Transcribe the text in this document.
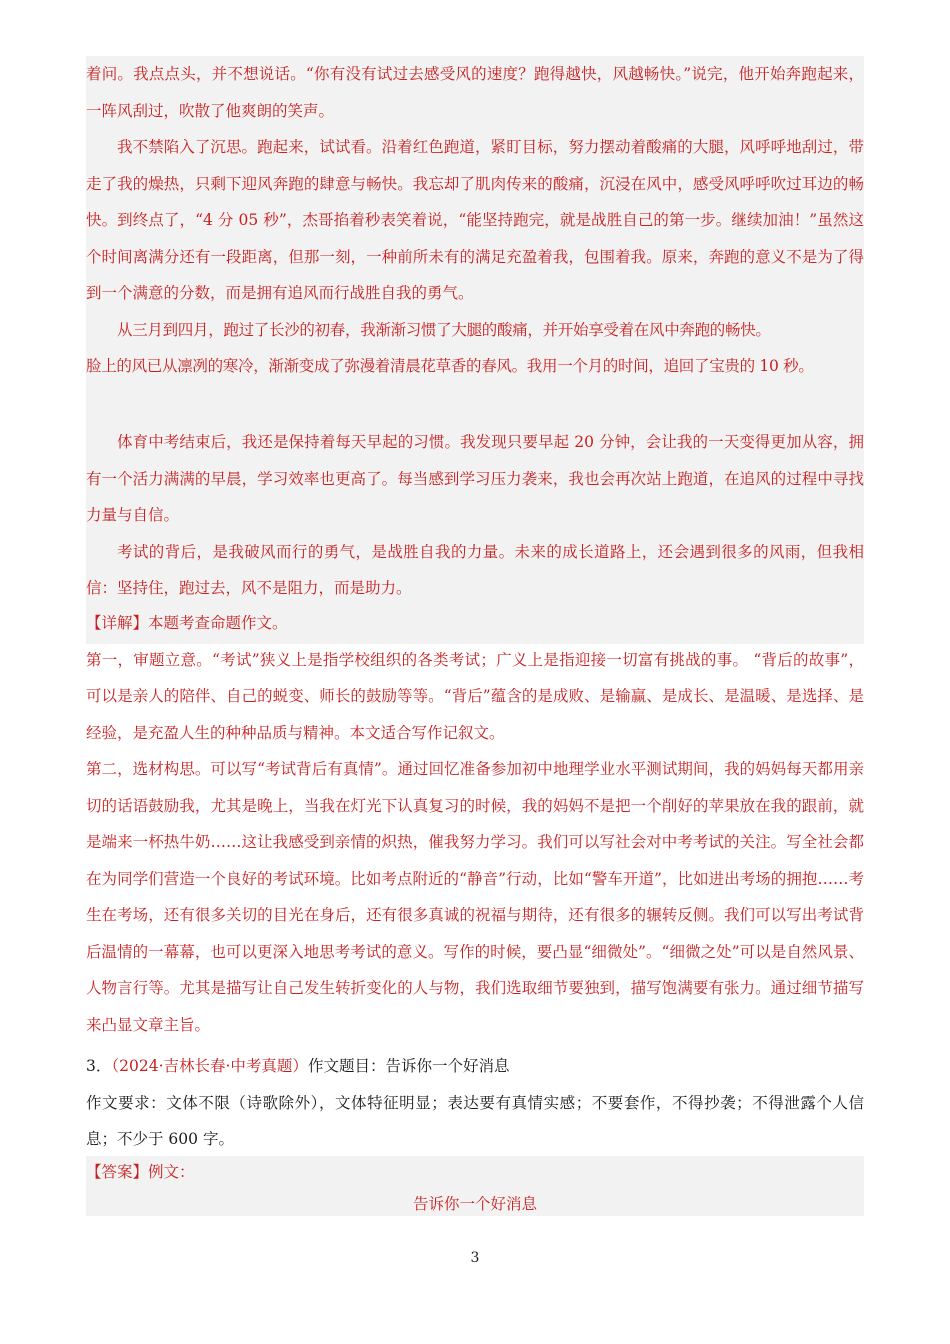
着问。我点点头，并不想说话。“你有没有试过去感受风的速度？跑得越快，风越畅快。”说完，他开始奔跑起来，一阵风刮过，吹散了他爽朗的笑声。

我不禁陷入了沉思。跑起来，试试看。沿着红色跑道，紧盯目标，努力摆动着酸痛的大腿，风呼呼地刮过，带走了我的燥热，只剩下迎风奔跑的肆意与畅快。我忘却了肌肉传来的酸痛，沉浸在风中，感受风呼呼吹过耳边的畅快。到终点了，“4 分 05 秒”，杰哥掐着秒表笑着说，“能坚持跑完，就是战胜自己的第一步。继续加油！”虽然这个时间离满分还有一段距离，但那一刻，一种前所未有的满足充盈着我，包围着我。原来，奔跑的意义不是为了得到一个满意的分数，而是拥有追风而行战胜自我的勇气。

从三月到四月，跑过了长沙的初春，我渐渐习惯了大腿的酸痛，并开始享受着在风中奔跑的畅快。

脸上的风已从凛冽的寒冷，渐渐变成了弥漫着清晨花草香的春风。我用一个月的时间，追回了宝贵的 10 秒。

体育中考结束后，我还是保持着每天早起的习惯。我发现只要早起 20 分钟，会让我的一天变得更加从容，拥有一个活力满满的早晨，学习效率也更高了。每当感到学习压力袭来，我也会再次站上跑道，在追风的过程中寻找力量与自信。

考试的背后，是我破风而行的勇气，是战胜自我的力量。未来的成长道路上，还会遇到很多的风雨，但我相信：坚持住，跑过去，风不是阻力，而是助力。

【详解】本题考查命题作文。

第一，审题立意。“考试”狭义上是指学校组织的各类考试；广义上是指迎接一切富有挑战的事。 “背后的故事”，可以是亲人的陪伴、自己的蜕变、师长的鼓励等等。“背后”蕴含的是成败、是输赢、是成长、是温暖、是选择、是经验，是充盈人生的种种品质与精神。本文适合写作记叙文。

第二，选材构思。可以写“考试背后有真情”。通过回忆准备参加初中地理学业水平测试期间，我的妈妈每天都用亲切的话语鼓励我，尤其是晚上，当我在灯光下认真复习的时候，我的妈妈不是把一个削好的苹果放在我的跟前，就是端来一杯热牛奶……这让我感受到亲情的炽热，催我努力学习。我们可以写社会对中考考试的关注。写全社会都在为同学们营造一个良好的考试环境。比如考点附近的“静音”行动，比如“警车开道”，比如进出考场的拥抱……考生在考场，还有很多关切的目光在身后，还有很多真诚的祝福与期待，还有很多的辗转反侧。我们可以写出考试背后温情的一幕幕，也可以更深入地思考考试的意义。写作的时候，要凸显“细微处”。“细微之处”可以是自然风景、人物言行等。尤其是描写让自己发生转折变化的人与物，我们选取细节要独到，描写饱满要有张力。通过细节描写来凸显文章主旨。

3．（2024·吉林长春·中考真题）作文题目：告诉你一个好消息

作文要求：文体不限（诗歌除外），文体特征明显；表达要有真情实感；不要套作，不得抄袭；不得泄露个人信息；不少于 600 字。

【答案】例文：

告诉你一个好消息

3
